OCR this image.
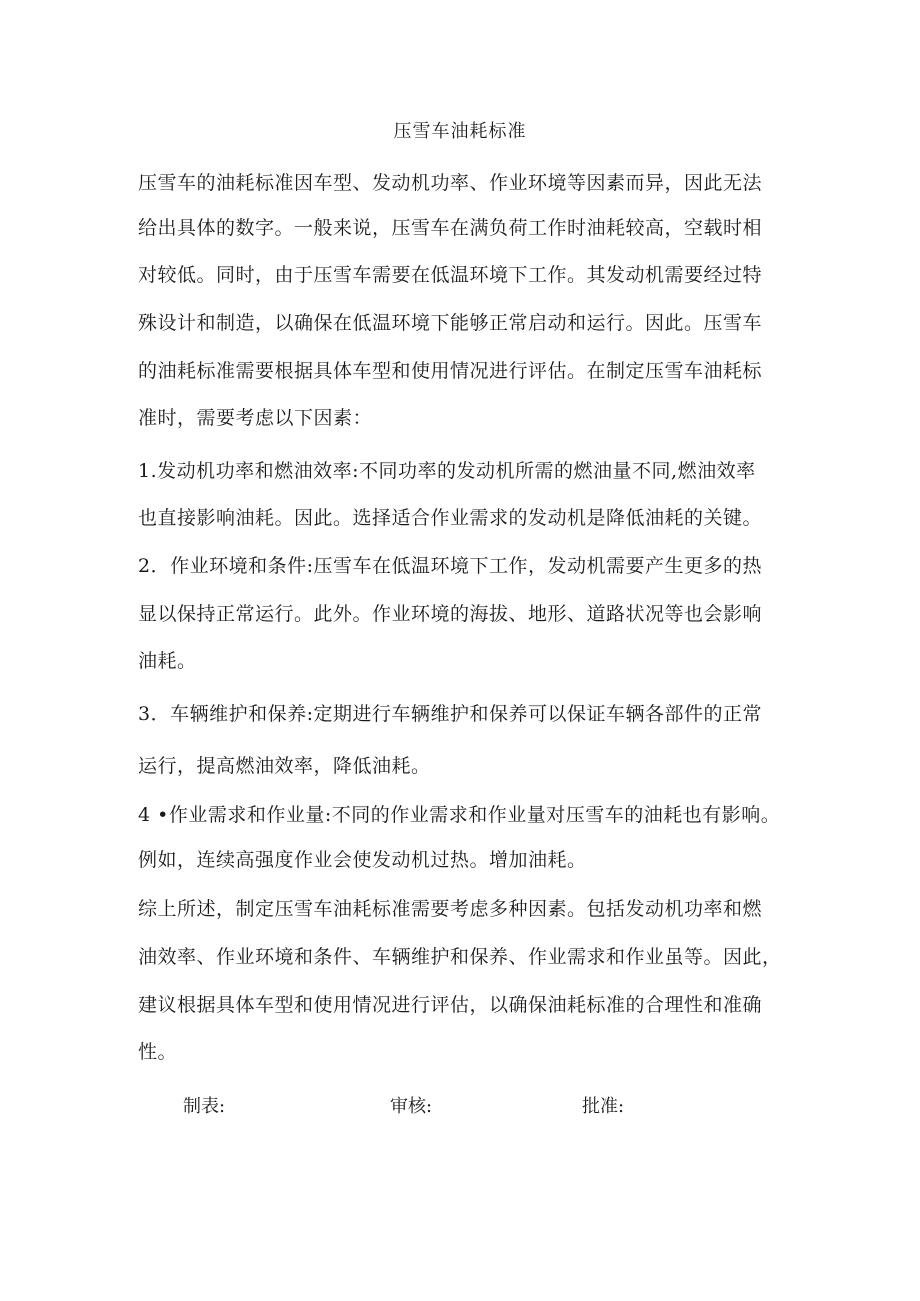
压雪车油耗标准
压雪车的油耗标准因车型、发动机功率、作业环境等因素而异，因此无法
给出具体的数字。一般来说，压雪车在满负荷工作时油耗较高，空载时相
对较低。同时，由于压雪车需要在低温环境下工作。其发动机需要经过特
殊设计和制造，以确保在低温环境下能够正常启动和运行。因此。压雪车
的油耗标准需要根据具体车型和使用情况进行评估。在制定压雪车油耗标
准时，需要考虑以下因素：
1.发动机功率和燃油效率:不同功率的发动机所需的燃油量不同,燃油效率
也直接影响油耗。因此。选择适合作业需求的发动机是降低油耗的关键。
2．作业环境和条件:压雪车在低温环境下工作，发动机需要产生更多的热
显以保持正常运行。此外。作业环境的海拔、地形、道路状况等也会影响
油耗。
3．车辆维护和保养:定期进行车辆维护和保养可以保证车辆各部件的正常
运行，提高燃油效率，降低油耗。
4 •作业需求和作业量:不同的作业需求和作业量对压雪车的油耗也有影响。
例如，连续高强度作业会使发动机过热。增加油耗。
综上所述，制定压雪车油耗标准需要考虑多种因素。包括发动机功率和燃
油效率、作业环境和条件、车辆维护和保养、作业需求和作业虽等。因此，
建议根据具体车型和使用情况进行评估，以确保油耗标准的合理性和准确
性。
制表:	审核:	批准:
